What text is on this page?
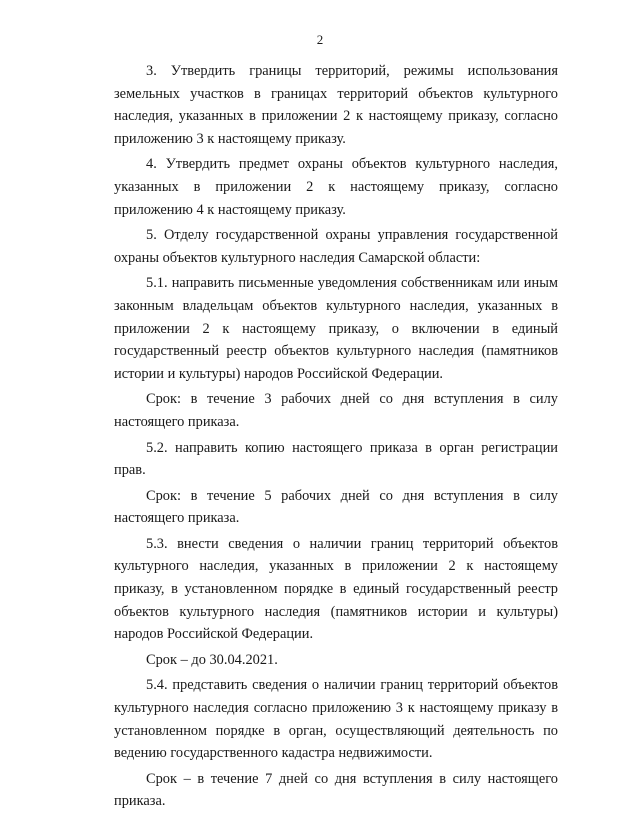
2

3. Утвердить границы территорий, режимы использования земельных участков в границах территорий объектов культурного наследия, указанных в приложении 2 к настоящему приказу, согласно приложению 3 к настоящему приказу.

4. Утвердить предмет охраны объектов культурного наследия, указанных в приложении 2 к настоящему приказу, согласно приложению 4 к настоящему приказу.

5. Отделу государственной охраны управления государственной охраны объектов культурного наследия Самарской области:

5.1. направить письменные уведомления собственникам или иным законным владельцам объектов культурного наследия, указанных в приложении 2 к настоящему приказу, о включении в единый государственный реестр объектов культурного наследия (памятников истории и культуры) народов Российской Федерации.

Срок: в течение 3 рабочих дней со дня вступления в силу настоящего приказа.

5.2. направить копию настоящего приказа в орган регистрации прав.

Срок: в течение 5 рабочих дней со дня вступления в силу настоящего приказа.

5.3. внести сведения о наличии границ территорий объектов культурного наследия, указанных в приложении 2 к настоящему приказу, в установленном порядке в единый государственный реестр объектов культурного наследия (памятников истории и культуры) народов Российской Федерации.

Срок – до 30.04.2021.

5.4. представить сведения о наличии границ территорий объектов культурного наследия согласно приложению 3 к настоящему приказу в установленном порядке в орган, осуществляющий деятельность по ведению государственного кадастра недвижимости.

Срок – в течение 7 дней со дня вступления в силу настоящего приказа.
